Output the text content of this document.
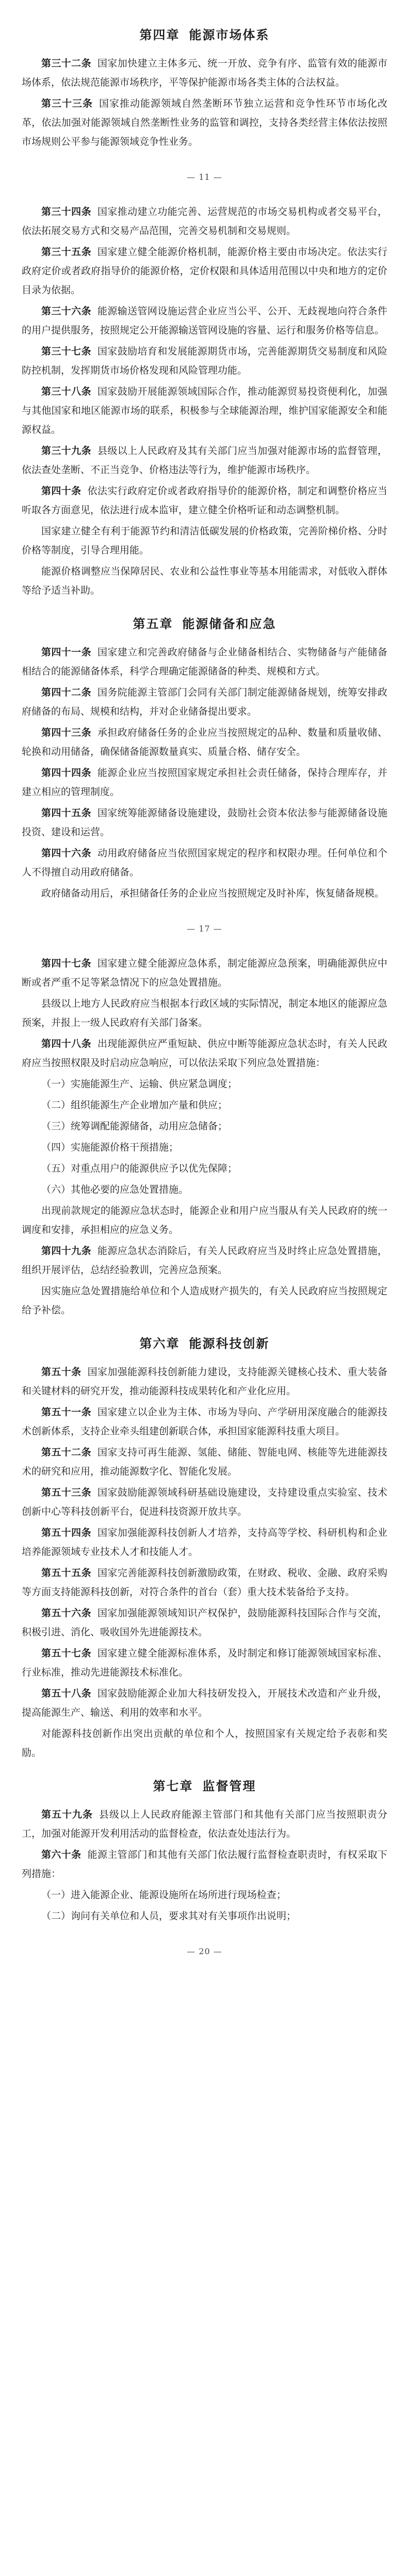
第四章 能源市场体系

第三十二条 国家加快建立主体多元、统一开放、竞争有序、监管有效的能源市场体系，依法规范能源市场秩序，平等保护能源市场各类主体的合法权益。

第三十三条 国家推动能源领域自然垄断环节独立运营和竞争性环节市场化改革，依法加强对能源领域自然垄断性业务的监管和调控，支持各类经营主体依法按照市场规则公平参与能源领域竞争性业务。

— 11 —

第三十四条 国家推动建立功能完善、运营规范的市场交易机构或者交易平台，依法拓展交易方式和交易产品范围，完善交易机制和交易规则。

第三十五条 国家建立健全能源价格机制，能源价格主要由市场决定。依法实行政府定价或者政府指导价的能源价格，定价权限和具体适用范围以中央和地方的定价目录为依据。

第三十六条 能源输送管网设施运营企业应当公平、公开、无歧视地向符合条件的用户提供服务，按照规定公开能源输送管网设施的容量、运行和服务价格等信息。

第三十七条 国家鼓励培育和发展能源期货市场，完善能源期货交易制度和风险防控机制，发挥期货市场价格发现和风险管理功能。

第三十八条 国家鼓励开展能源领域国际合作，推动能源贸易投资便利化，加强与其他国家和地区能源市场的联系，积极参与全球能源治理，维护国家能源安全和能源权益。

第三十九条 县级以上人民政府及其有关部门应当加强对能源市场的监督管理，依法查处垄断、不正当竞争、价格违法等行为，维护能源市场秩序。

第四十条 依法实行政府定价或者政府指导价的能源价格，制定和调整价格应当听取各方面意见，依法进行成本监审，建立健全价格听证和动态调整机制。

国家建立健全有利于能源节约和清洁低碳发展的价格政策，完善阶梯价格、分时价格等制度，引导合理用能。

能源价格调整应当保障居民、农业和公益性事业等基本用能需求，对低收入群体等给予适当补助。

第五章 能源储备和应急

第四十一条 国家建立和完善政府储备与企业储备相结合、实物储备与产能储备相结合的能源储备体系，科学合理确定能源储备的种类、规模和方式。

第四十二条 国务院能源主管部门会同有关部门制定能源储备规划，统筹安排政府储备的布局、规模和结构，并对企业储备提出要求。

第四十三条 承担政府储备任务的企业应当按照规定的品种、数量和质量收储、轮换和动用储备，确保储备能源数量真实、质量合格、储存安全。

第四十四条 能源企业应当按照国家规定承担社会责任储备，保持合理库存，并建立相应的管理制度。

第四十五条 国家统筹能源储备设施建设，鼓励社会资本依法参与能源储备设施投资、建设和运营。

第四十六条 动用政府储备应当依照国家规定的程序和权限办理。任何单位和个人不得擅自动用政府储备。

政府储备动用后，承担储备任务的企业应当按照规定及时补库，恢复储备规模。

— 17 —

第四十七条 国家建立健全能源应急体系，制定能源应急预案，明确能源供应中断或者严重不足等紧急情况下的应急处置措施。

县级以上地方人民政府应当根据本行政区域的实际情况，制定本地区的能源应急预案，并报上一级人民政府有关部门备案。

第四十八条 出现能源供应严重短缺、供应中断等能源应急状态时，有关人民政府应当按照权限及时启动应急响应，可以依法采取下列应急处置措施：

（一）实施能源生产、运输、供应紧急调度；

（二）组织能源生产企业增加产量和供应；

（三）统筹调配能源储备，动用应急储备；

（四）实施能源价格干预措施；

（五）对重点用户的能源供应予以优先保障；

（六）其他必要的应急处置措施。

出现前款规定的能源应急状态时，能源企业和用户应当服从有关人民政府的统一调度和安排，承担相应的应急义务。

第四十九条 能源应急状态消除后，有关人民政府应当及时终止应急处置措施，组织开展评估，总结经验教训，完善应急预案。

因实施应急处置措施给单位和个人造成财产损失的，有关人民政府应当按照规定给予补偿。

第六章 能源科技创新

第五十条 国家加强能源科技创新能力建设，支持能源关键核心技术、重大装备和关键材料的研究开发，推动能源科技成果转化和产业化应用。

第五十一条 国家建立以企业为主体、市场为导向、产学研用深度融合的能源技术创新体系，支持企业牵头组建创新联合体，承担国家能源科技重大项目。

第五十二条 国家支持可再生能源、氢能、储能、智能电网、核能等先进能源技术的研究和应用，推动能源数字化、智能化发展。

第五十三条 国家鼓励能源领域科研基础设施建设，支持建设重点实验室、技术创新中心等科技创新平台，促进科技资源开放共享。

第五十四条 国家加强能源科技创新人才培养，支持高等学校、科研机构和企业培养能源领域专业技术人才和技能人才。

第五十五条 国家完善能源科技创新激励政策，在财政、税收、金融、政府采购等方面支持能源科技创新，对符合条件的首台（套）重大技术装备给予支持。

第五十六条 国家加强能源领域知识产权保护，鼓励能源科技国际合作与交流，积极引进、消化、吸收国外先进能源技术。

第五十七条 国家建立健全能源标准体系，及时制定和修订能源领域国家标准、行业标准，推动先进能源技术标准化。

第五十八条 国家鼓励能源企业加大科技研发投入，开展技术改造和产业升级，提高能源生产、输送、利用的效率和水平。

对能源科技创新作出突出贡献的单位和个人，按照国家有关规定给予表彰和奖励。

第七章 监督管理

第五十九条 县级以上人民政府能源主管部门和其他有关部门应当按照职责分工，加强对能源开发利用活动的监督检查，依法查处违法行为。

第六十条 能源主管部门和其他有关部门依法履行监督检查职责时，有权采取下列措施：

（一）进入能源企业、能源设施所在场所进行现场检查；

（二）询问有关单位和人员，要求其对有关事项作出说明；

— 20 —
